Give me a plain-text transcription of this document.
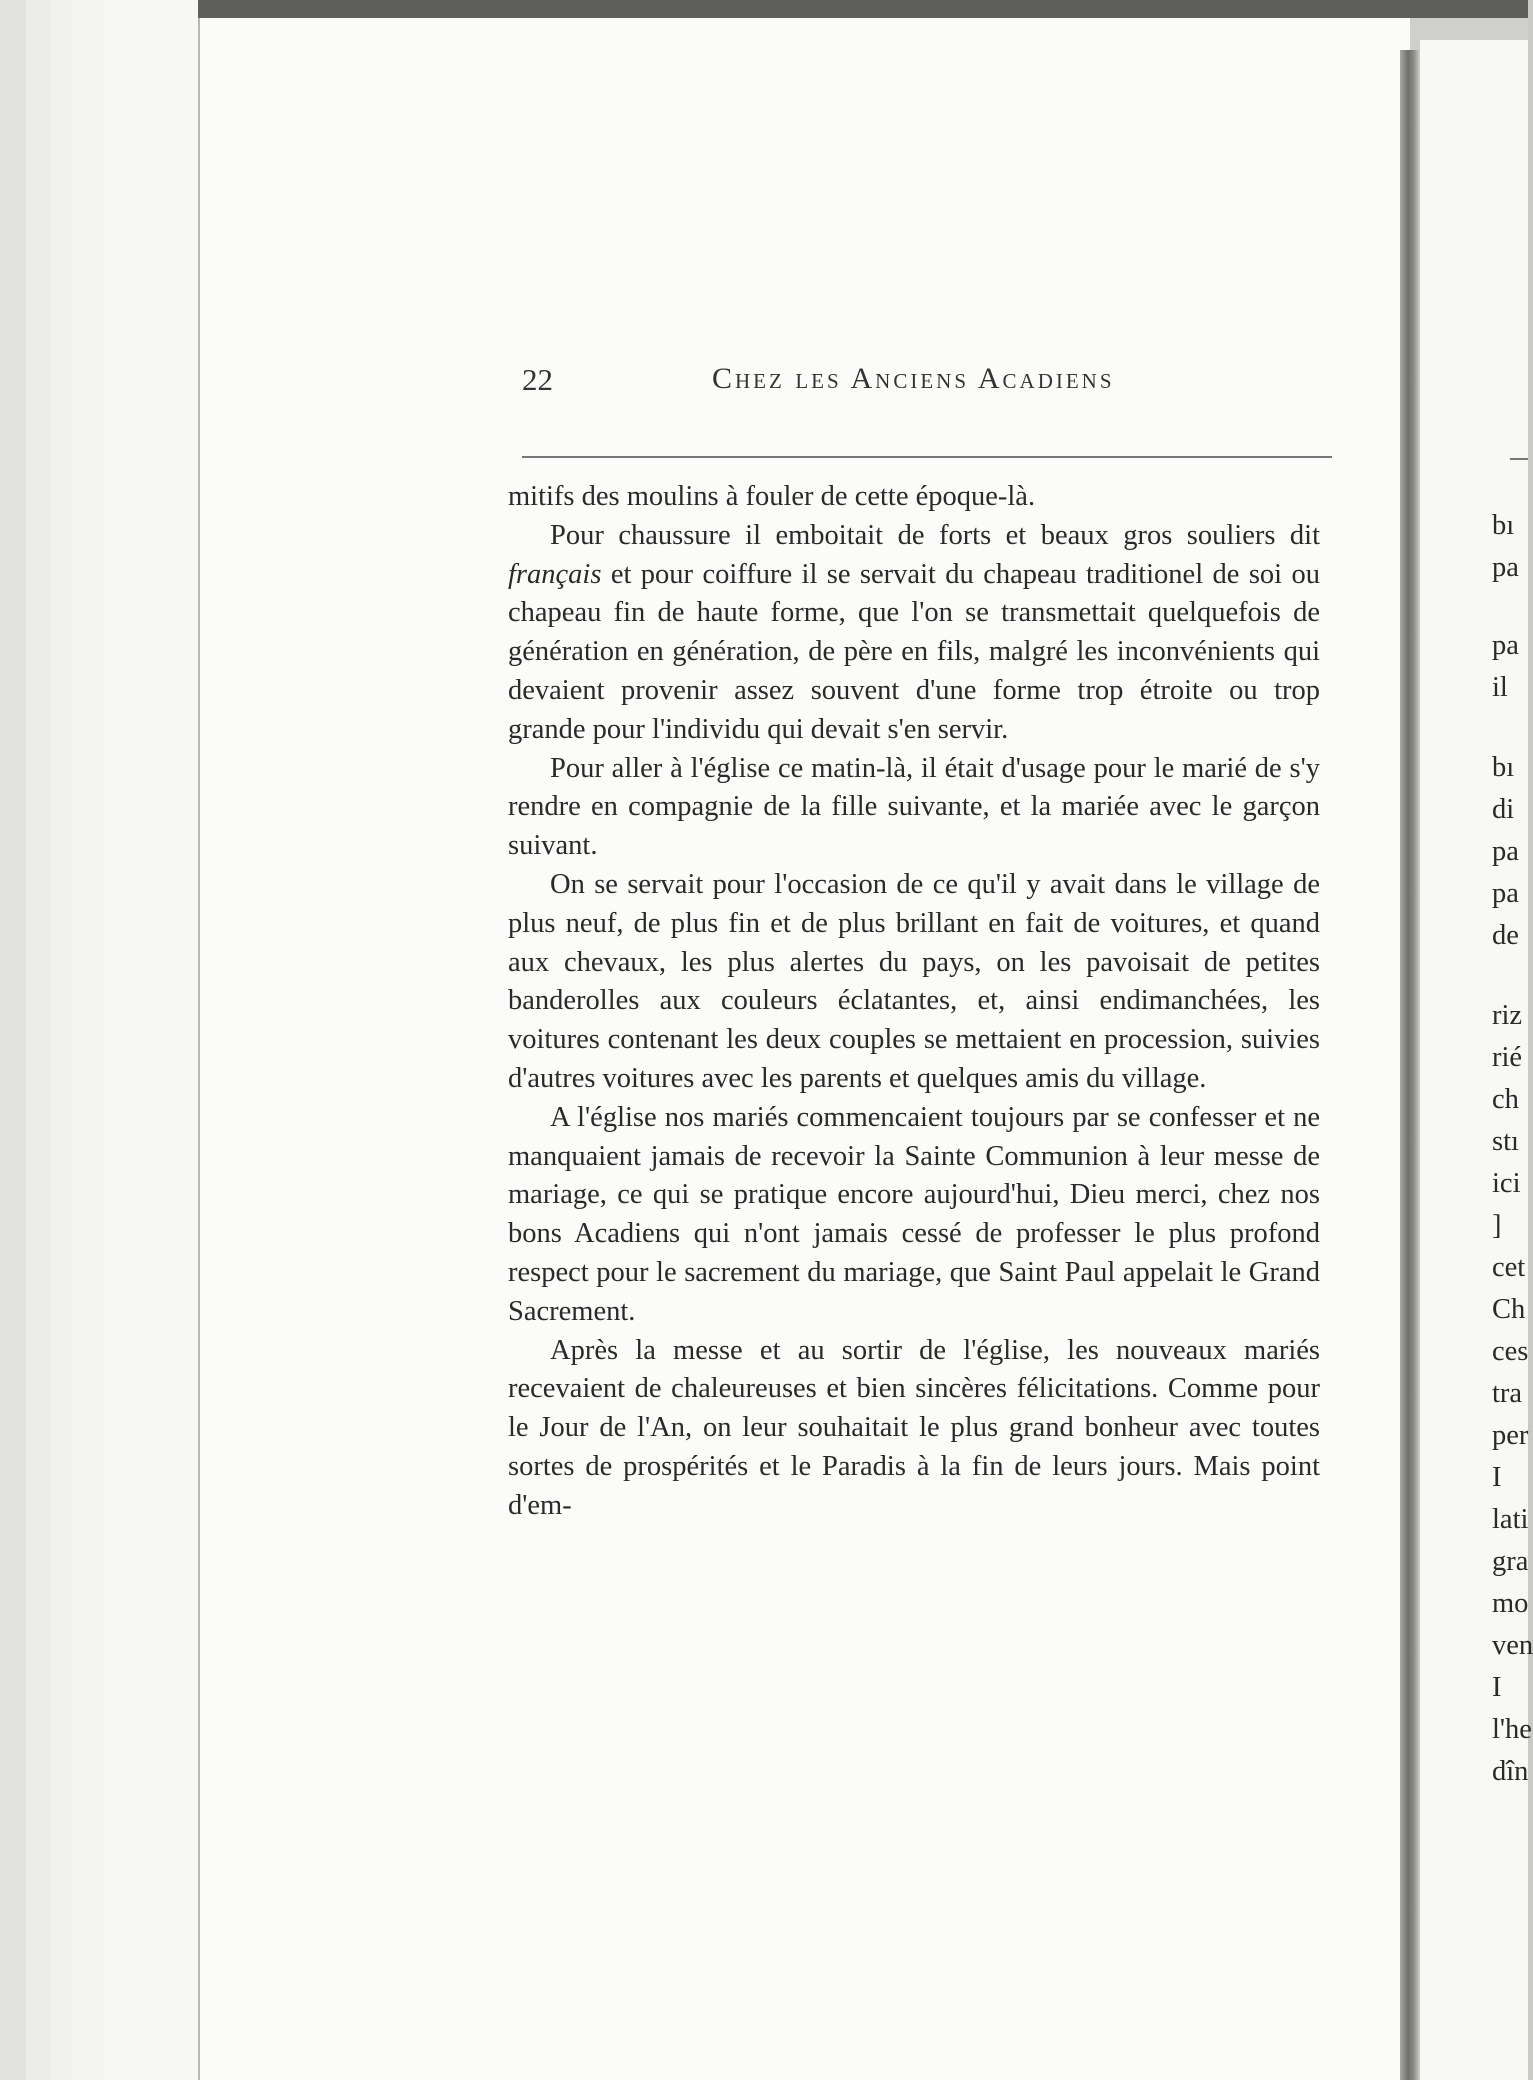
22	Chez les Anciens Acadiens

mitifs des moulins à fouler de cette époque-là.

Pour chaussure il emboitait de forts et beaux gros souliers dit français et pour coiffure il se servait du chapeau traditionel de soi ou chapeau fin de haute forme, que l'on se transmettait quelquefois de génération en génération, de père en fils, malgré les inconvénients qui devaient provenir assez souvent d'une forme trop étroite ou trop grande pour l'individu qui devait s'en servir.

Pour aller à l'église ce matin-là, il était d'usage pour le marié de s'y rendre en compagnie de la fille suivante, et la mariée avec le garçon suivant.

On se servait pour l'occasion de ce qu'il y avait dans le village de plus neuf, de plus fin et de plus brillant en fait de voitures, et quand aux chevaux, les plus alertes du pays, on les pavoisait de petites banderolles aux couleurs éclatantes, et, ainsi endimanchées, les voitures contenant les deux couples se mettaient en procession, suivies d'autres voitures avec les parents et quelques amis du village.

A l'église nos mariés commencaient toujours par se confesser et ne manquaient jamais de recevoir la Sainte Communion à leur messe de mariage, ce qui se pratique encore aujourd'hui, Dieu merci, chez nos bons Acadiens qui n'ont jamais cessé de professer le plus profond respect pour le sacrement du mariage, que Saint Paul appelait le Grand Sacrement.

Après la messe et au sortir de l'église, les nouveaux mariés recevaient de chaleureuses et bien sincères félicitations. Comme pour le Jour de l'An, on leur souhaitait le plus grand bonheur avec toutes sortes de prospérités et le Paradis à la fin de leurs jours. Mais point d'em-

bı
pa
pa
il
bı
di
pa
pa
de
riz
rié
ch
stı
ici
]
cet
Ch
ces
tra
per
I
lati
gra
mo
ven
I
l'he
dîn
